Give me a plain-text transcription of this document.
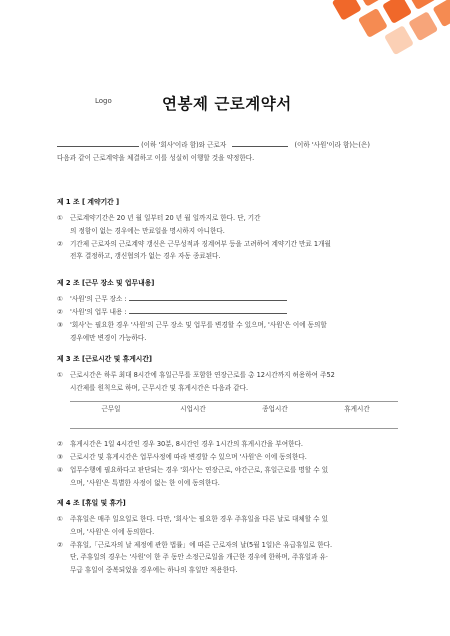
Logo	연봉제 근로계약서
(이하 '회사'이라 함)와 근로자	(이하 '사원'이라 함)는(은)
다음과 같이 근로계약을 체결하고 이를 성실히 이행할 것을 약정한다.
제 1 조 [ 계약기간 ]
① 근로계약기간은 20 년 월 일부터 20 년 월 일까지로 한다. 단, 기간
의 정함이 없는 경우에는 만료일을 명시하지 아니한다.
② 기간제 근로자의 근로계약 갱신은 근무성적과 징계여부 등을 고려하여 계약기간 만료 1개월
전후 결정하고, 갱신협의가 없는 경우 자동 종료된다.
제 2 조 [근무 장소 및 업무내용]
① '사원'의 근무 장소 :
② '사원'의 업무 내용 :
③ '회사'는 필요한 경우 '사원'의 근무 장소 및 업무를 변경할 수 있으며, '사원'은 이에 동의할
경우에만 변경이 가능하다.
제 3 조 [근로시간 및 휴게시간]
① 근로시간은 하루 최대 8시간에 휴일근무를 포함한 연장근로를 총 12시간까지 허용하여 주52
시간제를 원칙으로 하며, 근무시간 및 휴게시간은 다음과 같다.
근무일	시업시간	종업시간	휴게시간
② 휴게시간은 1일 4시간인 경우 30분, 8시간인 경우 1시간의 휴게시간을 부여한다.
③ 근로시간 및 휴게시간은 업무사정에 따라 변경할 수 있으며 '사원'은 이에 동의한다.
④ 업무수행에 필요하다고 판단되는 경우 '회사'는 연장근로, 야간근로, 휴일근로를 명할 수 있
으며, '사원'은 특별한 사정이 없는 한 이에 동의한다.
제 4 조 [휴일 및 휴가]
① 주휴일은 매주 일요일로 한다. 다만, '회사'는 필요한 경우 주휴일을 다른 날로 대체할 수 있
으며, '사원'은 이에 동의한다.
② 주휴일,「근로자의 날 제정에 관한 법률」에 따른 근로자의 날(5월 1일)은 유급휴일로 한다.
단, 주휴일의 경우는 '사원'이 한 주 동안 소정근로일을 개근한 경우에 한하며, 주휴일과 유·
무급 휴일이 중복되었을 경우에는 하나의 휴일만 적용한다.
